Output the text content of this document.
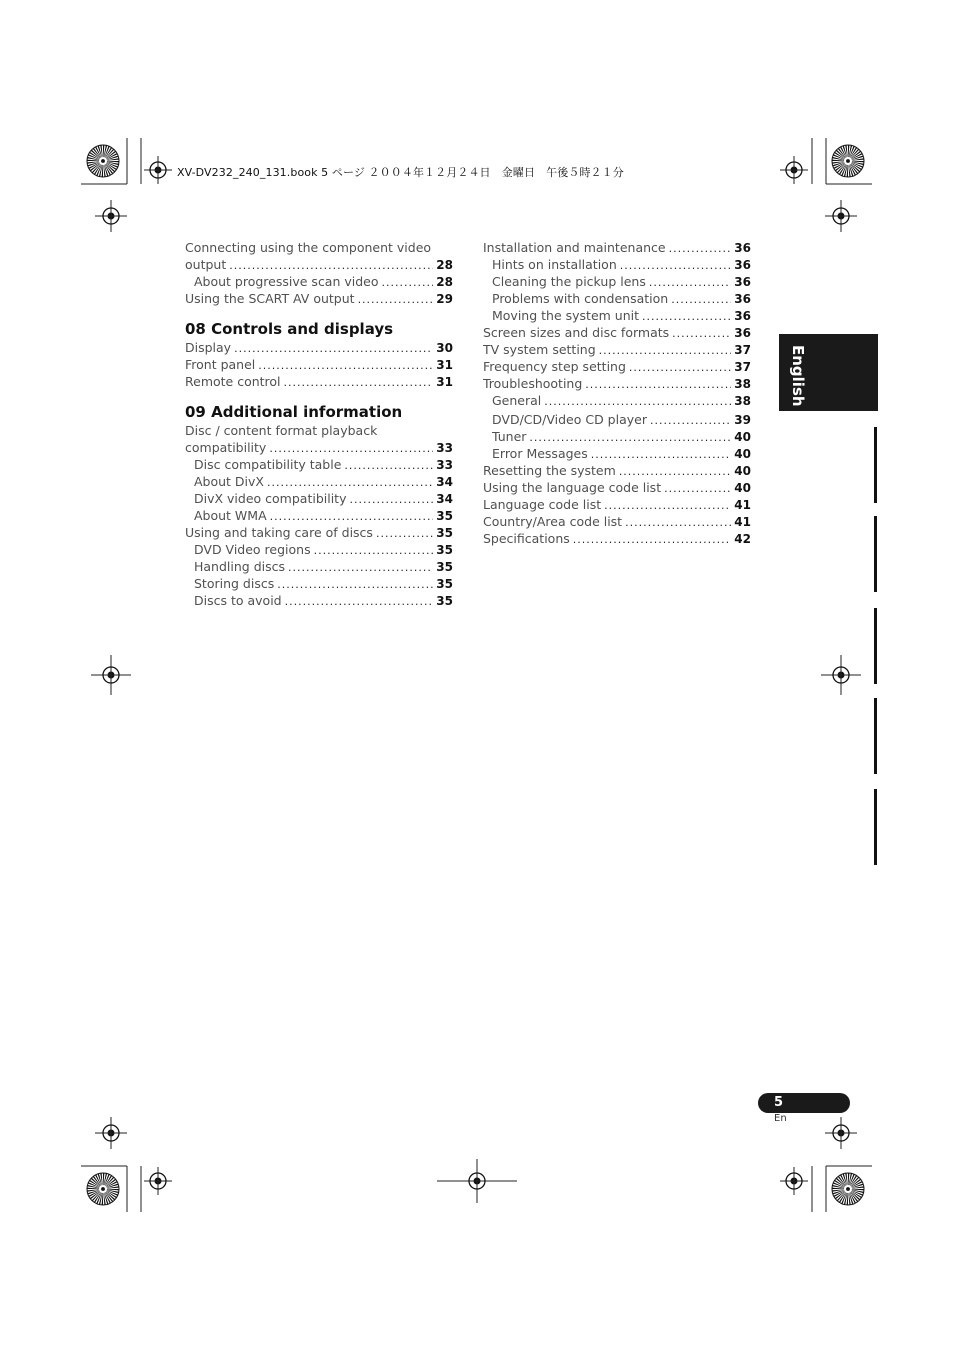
XV-DV232_240_131.book 5 ページ ２００４年１２月２４日　金曜日　午後５時２１分
Connecting using the component video
output .....	28
About progressive scan video .....	28
Using the SCART AV output .....	29
08 Controls and displays
Display .....	30
Front panel .....	31
Remote control .....	31
09 Additional information
Disc / content format playback
compatibility .....	33
Disc compatibility table .....	33
About DivX .....	34
DivX video compatibility .....	34
About WMA .....	35
Using and taking care of discs .....	35
DVD Video regions .....	35
Handling discs .....	35
Storing discs .....	35
Discs to avoid .....	35
Installation and maintenance .....	36
Hints on installation .....	36
Cleaning the pickup lens .....	36
Problems with condensation .....	36
Moving the system unit .....	36
Screen sizes and disc formats .....	36
TV system setting .....	37
Frequency step setting .....	37
Troubleshooting .....	38
General .....	38
DVD/CD/Video CD player .....	39
Tuner .....	40
Error Messages .....	40
Resetting the system .....	40
Using the language code list .....	40
Language code list .....	41
Country/Area code list .....	41
Specifications .....	42
English
5
En
